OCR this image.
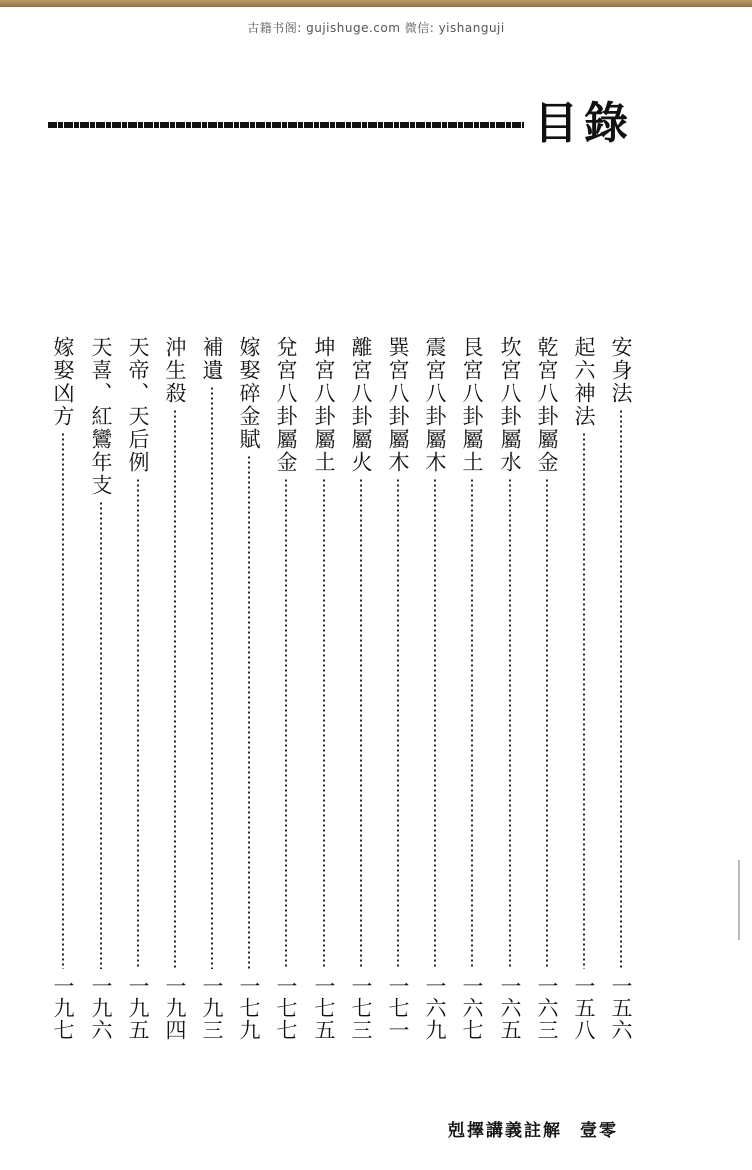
古籍书阁: gujishuge.com 微信: yishanguji
目錄
安身法
一五六
起六神法
一五八
乾宮八卦屬金
一六三
坎宮八卦屬水
一六五
艮宮八卦屬土
一六七
震宮八卦屬木
一六九
巽宮八卦屬木
一七一
離宮八卦屬火
一七三
坤宮八卦屬土
一七五
兌宮八卦屬金
一七七
嫁娶碎金賦
一七九
補遺
一九三
沖生殺
一九四
天帝、天后例
一九五
天喜、紅鸞年支
一九六
嫁娶凶方
一九七
剋擇講義註解 壹零
